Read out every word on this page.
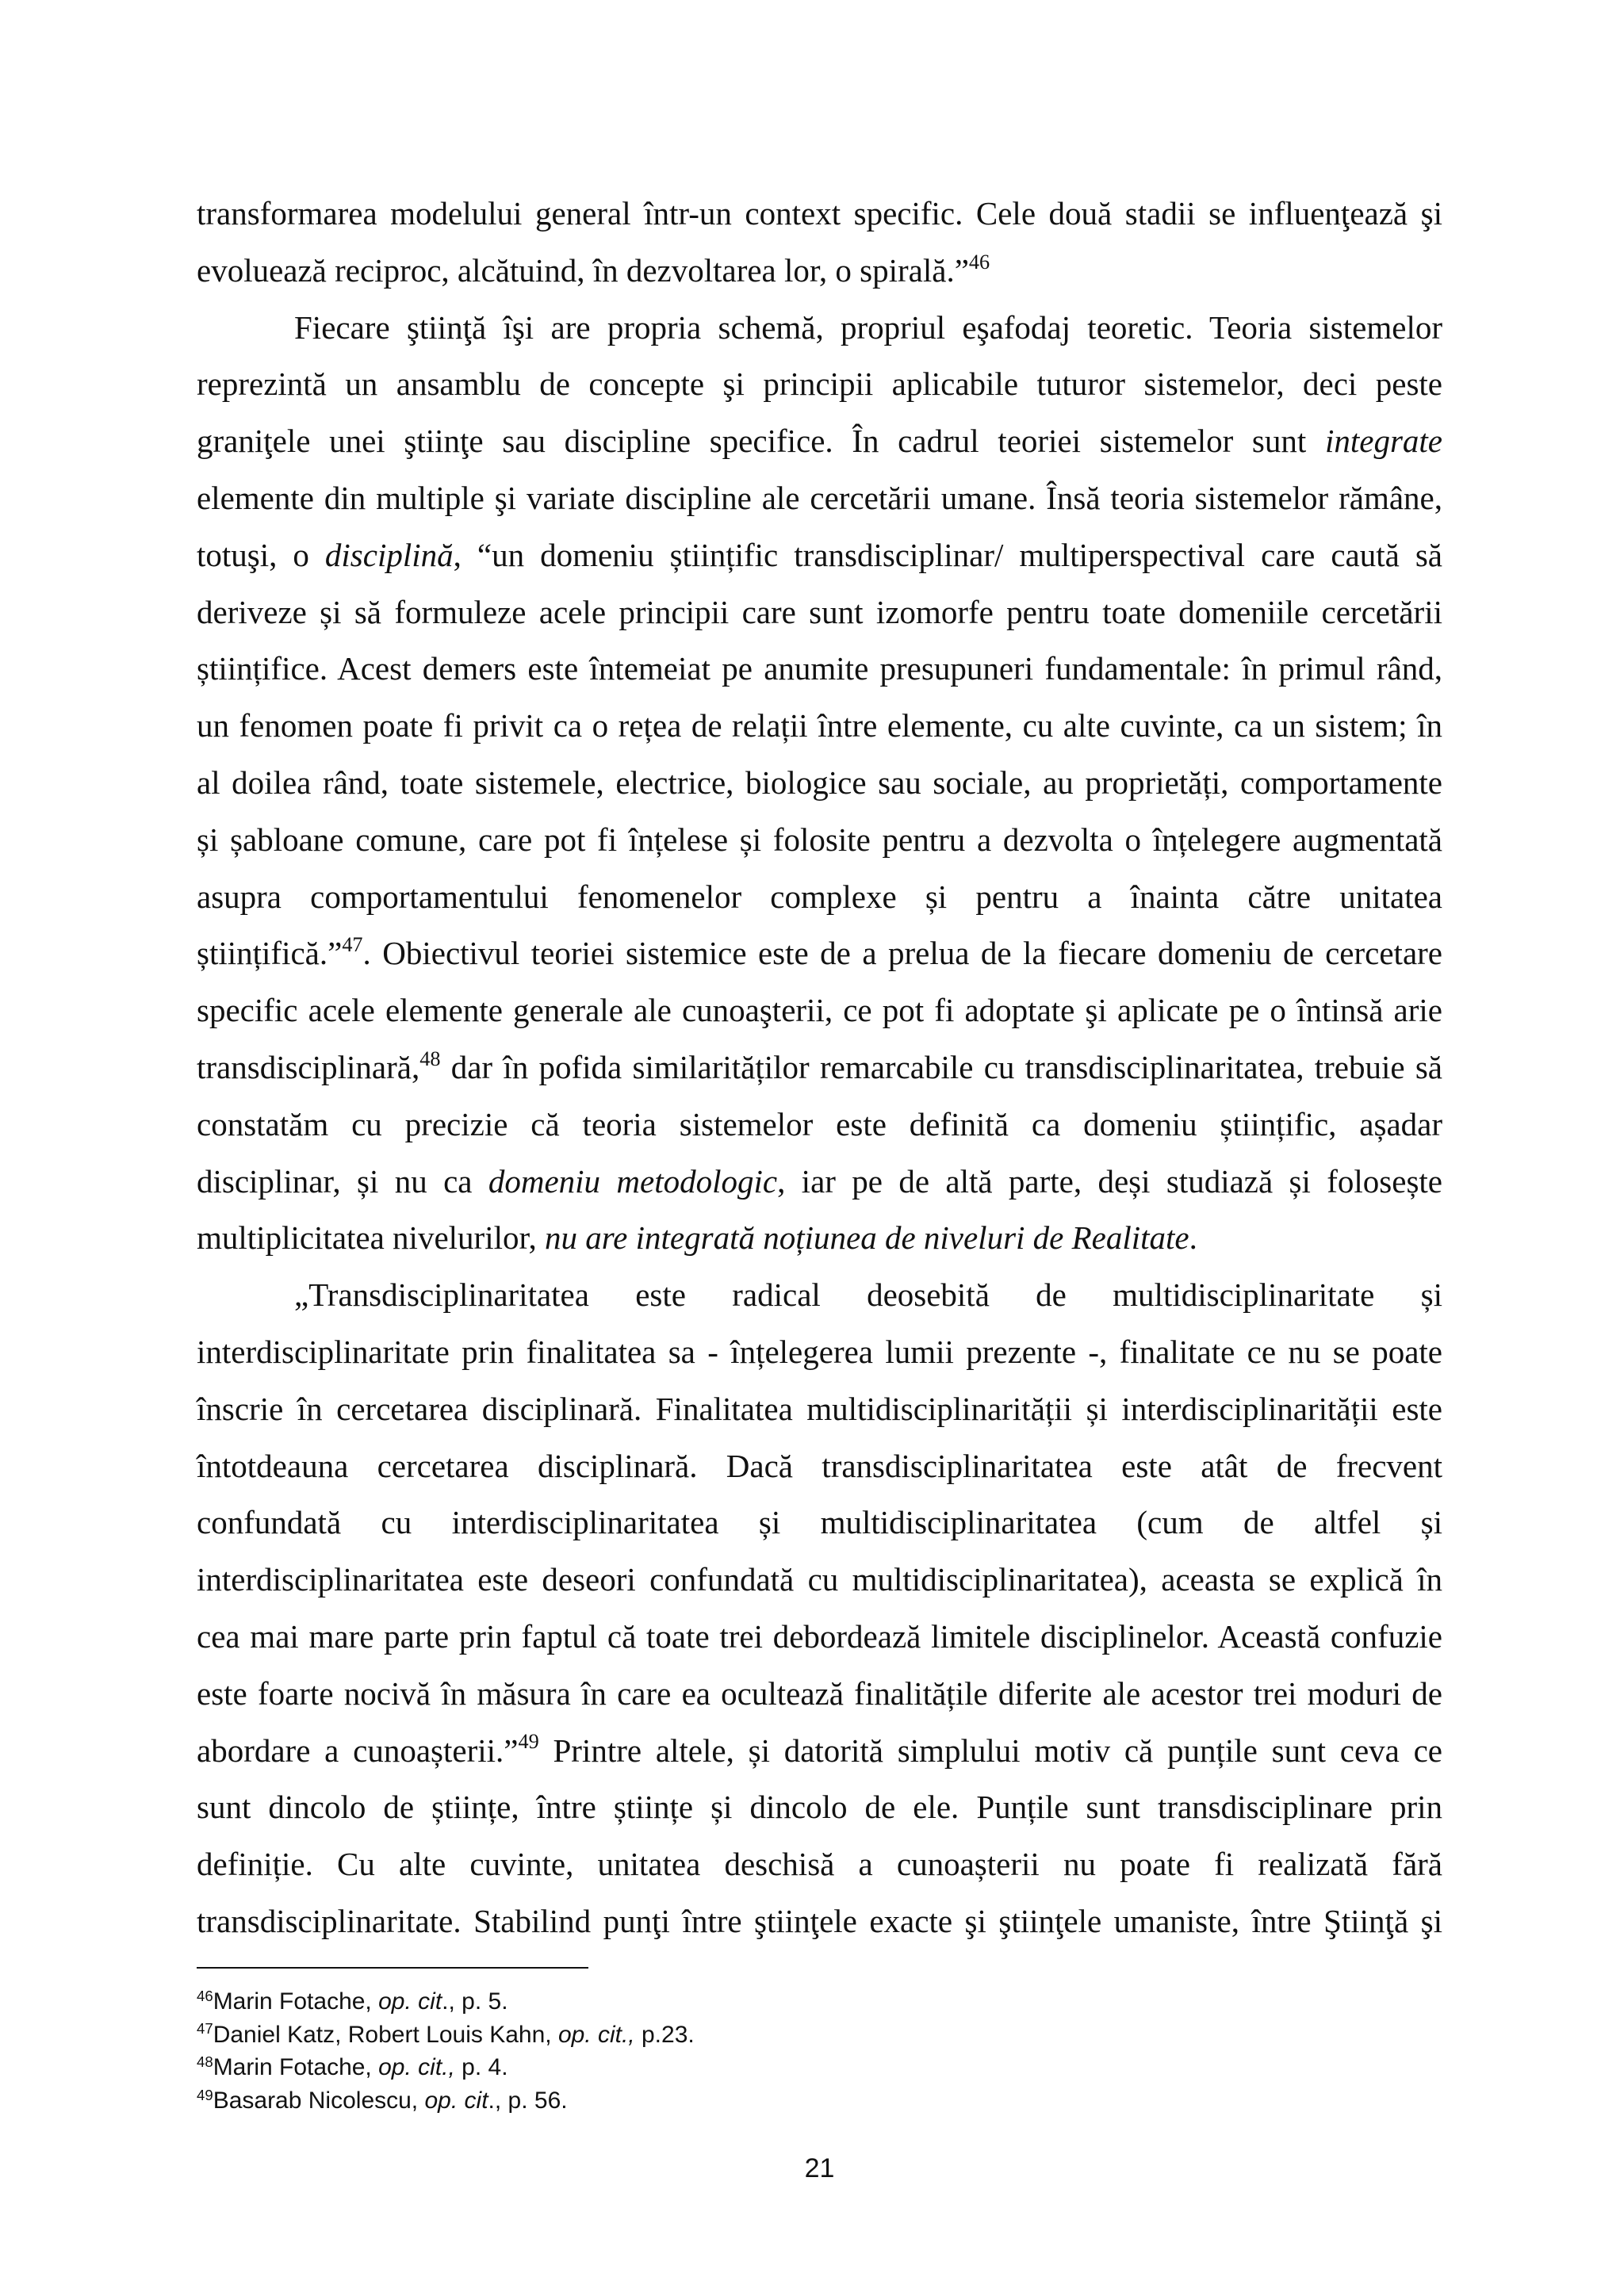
transformarea modelului general într-un context specific. Cele două stadii se influenţează şi
evoluează reciproc, alcătuind, în dezvoltarea lor, o spirală.”$^{46}$
Fiecare ştiinţă îşi are propria schemă, propriul eşafodaj teoretic. Teoria sistemelor
reprezintă un ansamblu de concepte şi principii aplicabile tuturor sistemelor, deci peste
graniţele unei ştiinţe sau discipline specifice. În cadrul teoriei sistemelor sunt integrate
elemente din multiple şi variate discipline ale cercetării umane. Însă teoria sistemelor rămâne,
totuşi, o disciplină, “un domeniu științific transdisciplinar/ multiperspectival care caută să
deriveze și să formuleze acele principii care sunt izomorfe pentru toate domeniile cercetării
științifice. Acest demers este întemeiat pe anumite presupuneri fundamentale: în primul rând,
un fenomen poate fi privit ca o rețea de relații între elemente, cu alte cuvinte, ca un sistem; în
al doilea rând, toate sistemele, electrice, biologice sau sociale, au proprietăți, comportamente
și șabloane comune, care pot fi înțelese și folosite pentru a dezvolta o înțelegere augmentată
asupra comportamentului fenomenelor complexe și pentru a înainta către unitatea
științifică.”$^{47}$. Obiectivul teoriei sistemice este de a prelua de la fiecare domeniu de cercetare
specific acele elemente generale ale cunoaşterii, ce pot fi adoptate şi aplicate pe o întinsă arie
transdisciplinară,$^{48}$ dar în pofida similarităților remarcabile cu transdisciplinaritatea, trebuie să
constatăm cu precizie că teoria sistemelor este definită ca domeniu științific, așadar
disciplinar, și nu ca domeniu metodologic, iar pe de altă parte, deși studiază și folosește
multiplicitatea nivelurilor, nu are integrată noțiunea de niveluri de Realitate.
„Transdisciplinaritatea este radical deosebită de multidisciplinaritate și
interdisciplinaritate prin finalitatea sa - înțelegerea lumii prezente -, finalitate ce nu se poate
înscrie în cercetarea disciplinară. Finalitatea multidisciplinarității și interdisciplinarității este
întotdeauna cercetarea disciplinară. Dacă transdisciplinaritatea este atât de frecvent
confundată cu interdisciplinaritatea și multidisciplinaritatea (cum de altfel și
interdisciplinaritatea este deseori confundată cu multidisciplinaritatea), aceasta se explică în
cea mai mare parte prin faptul că toate trei debordează limitele disciplinelor. Această confuzie
este foarte nocivă în măsura în care ea ocultează finalitățile diferite ale acestor trei moduri de
abordare a cunoașterii.”$^{49}$ Printre altele, și datorită simplului motiv că punțile sunt ceva ce
sunt dincolo de științe, între științe și dincolo de ele. Punțile sunt transdisciplinare prin
definiție. Cu alte cuvinte, unitatea deschisă a cunoașterii nu poate fi realizată fără
transdisciplinaritate. Stabilind punţi între ştiinţele exacte şi ştiinţele umaniste, între Ştiinţă şi
$^{46}$Marin Fotache, op. cit., p. 5.
$^{47}$Daniel Katz, Robert Louis Kahn, op. cit., p.23.
$^{48}$Marin Fotache, op. cit., p. 4.
$^{49}$Basarab Nicolescu, op. cit., p. 56.
21
